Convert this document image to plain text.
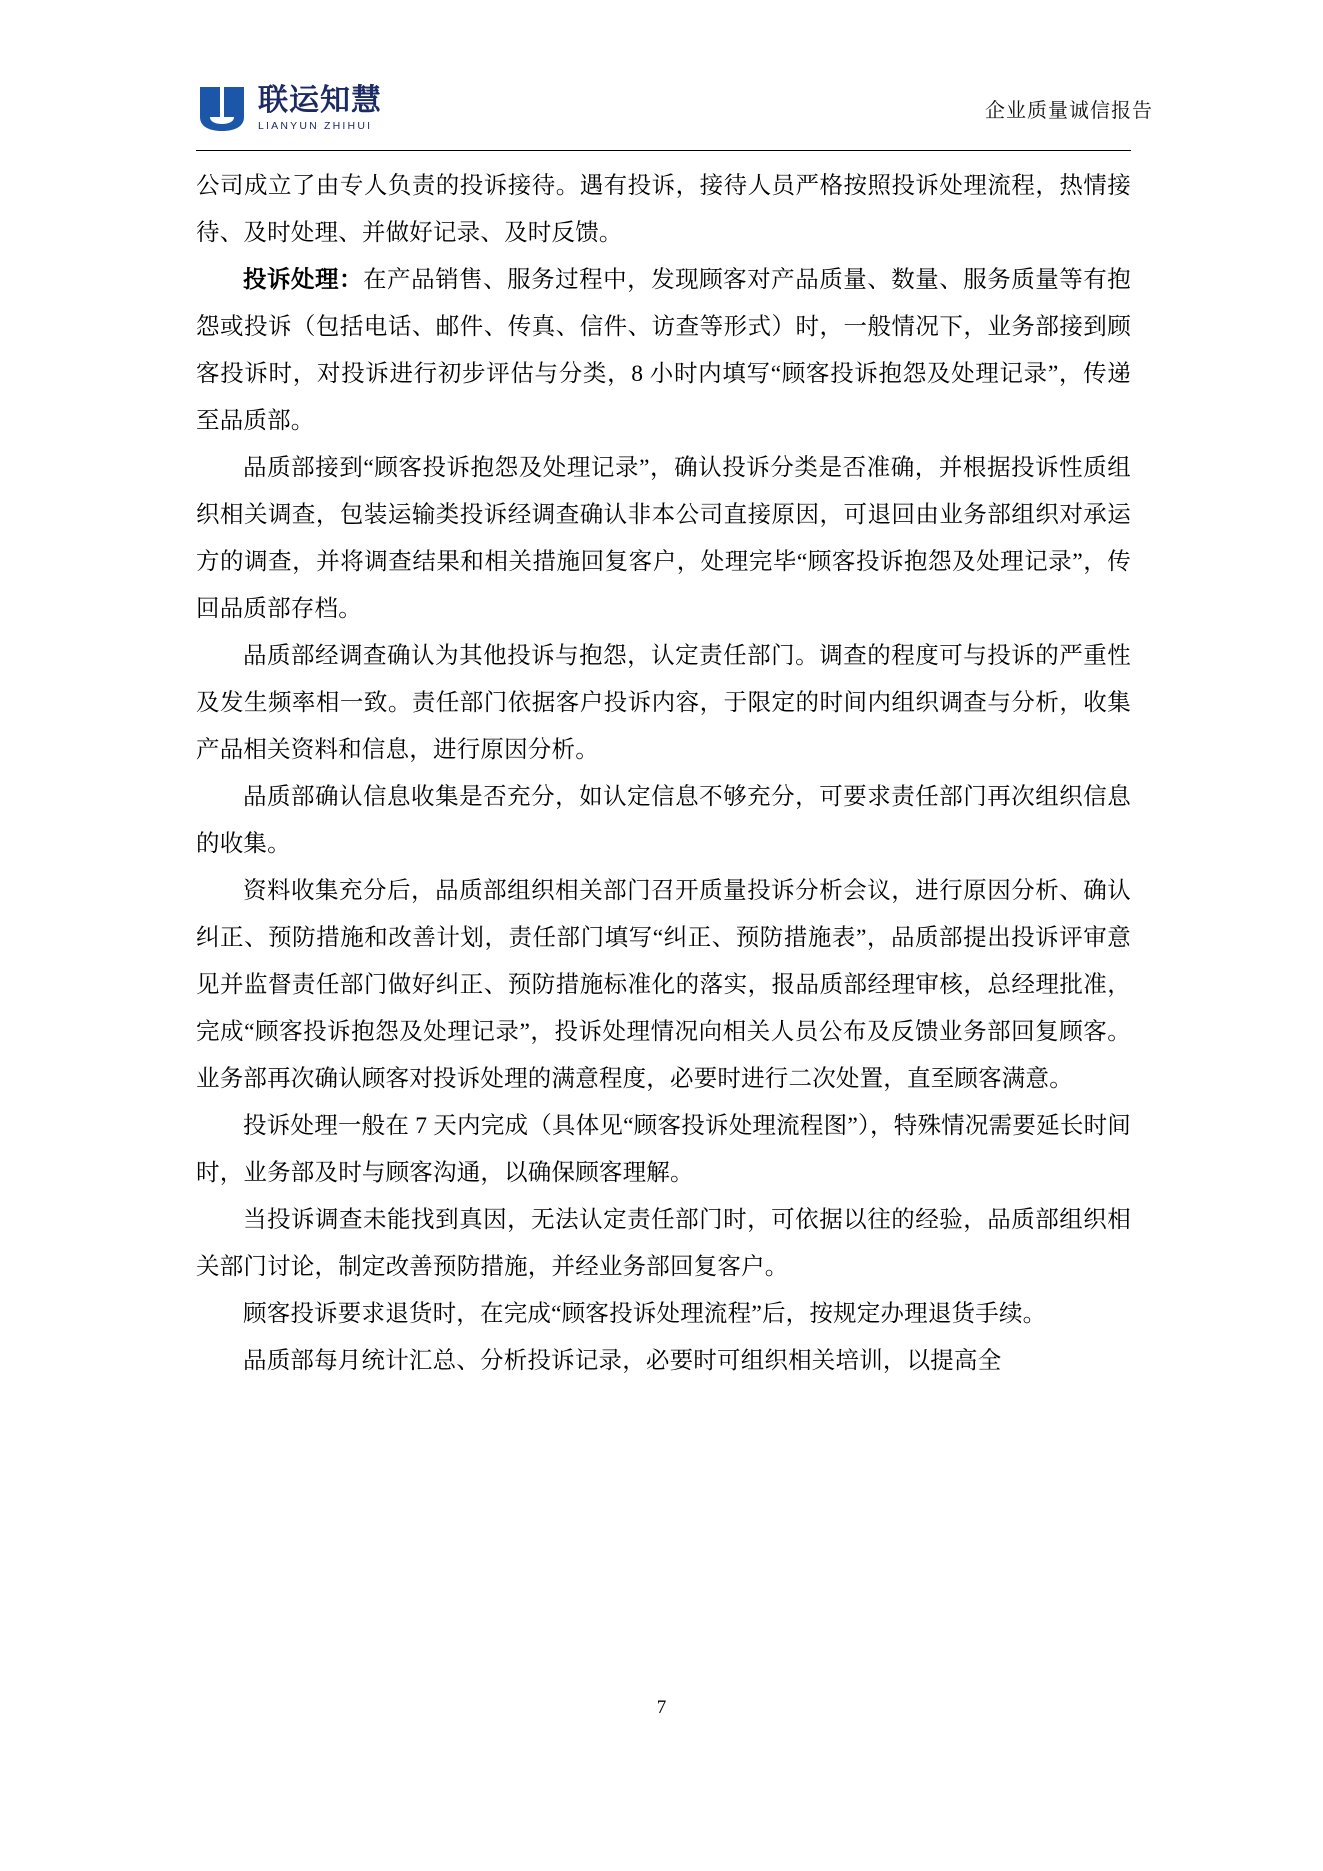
联运知慧
LIANYUN ZHIHUI
企业质量诚信报告

公司成立了由专人负责的投诉接待。遇有投诉，接待人员严格按照投诉处理流程，热情接待、及时处理、并做好记录、及时反馈。

投诉处理：在产品销售、服务过程中，发现顾客对产品质量、数量、服务质量等有抱怨或投诉（包括电话、邮件、传真、信件、访查等形式）时，一般情况下，业务部接到顾客投诉时，对投诉进行初步评估与分类，8 小时内填写“顾客投诉抱怨及处理记录”，传递至品质部。

品质部接到“顾客投诉抱怨及处理记录”，确认投诉分类是否准确，并根据投诉性质组织相关调查，包装运输类投诉经调查确认非本公司直接原因，可退回由业务部组织对承运方的调查，并将调查结果和相关措施回复客户，处理完毕“顾客投诉抱怨及处理记录”，传回品质部存档。

品质部经调查确认为其他投诉与抱怨，认定责任部门。调查的程度可与投诉的严重性及发生频率相一致。责任部门依据客户投诉内容，于限定的时间内组织调查与分析，收集产品相关资料和信息，进行原因分析。

品质部确认信息收集是否充分，如认定信息不够充分，可要求责任部门再次组织信息的收集。

资料收集充分后，品质部组织相关部门召开质量投诉分析会议，进行原因分析、确认纠正、预防措施和改善计划，责任部门填写“纠正、预防措施表”，品质部提出投诉评审意见并监督责任部门做好纠正、预防措施标准化的落实，报品质部经理审核，总经理批准，完成“顾客投诉抱怨及处理记录”，投诉处理情况向相关人员公布及反馈业务部回复顾客。业务部再次确认顾客对投诉处理的满意程度，必要时进行二次处置，直至顾客满意。

投诉处理一般在 7 天内完成（具体见“顾客投诉处理流程图”），特殊情况需要延长时间时，业务部及时与顾客沟通，以确保顾客理解。

当投诉调查未能找到真因，无法认定责任部门时，可依据以往的经验，品质部组织相关部门讨论，制定改善预防措施，并经业务部回复客户。

顾客投诉要求退货时，在完成“顾客投诉处理流程”后，按规定办理退货手续。

品质部每月统计汇总、分析投诉记录，必要时可组织相关培训，以提高全

7
